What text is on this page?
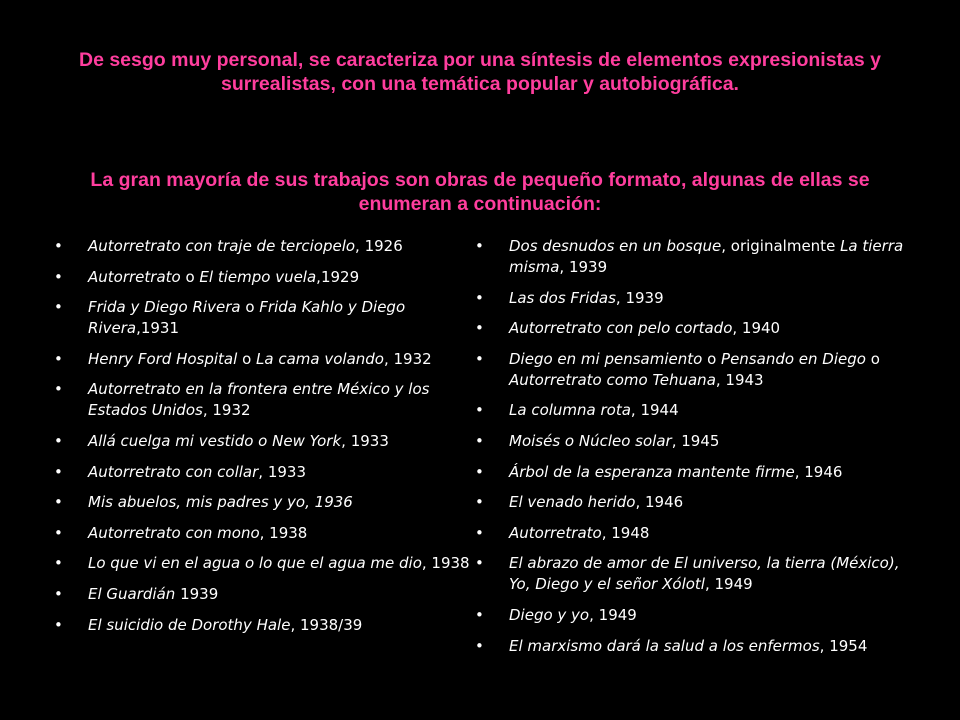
De sesgo muy personal, se caracteriza por una síntesis de elementos expresionistas y surrealistas, con una temática popular y autobiográfica.
La gran mayoría de sus trabajos son obras de pequeño formato, algunas de ellas se enumeran a continuación:
•	Autorretrato con traje de terciopelo, 1926
•	Autorretrato o El tiempo vuela,1929
•	Frida y Diego Rivera o Frida Kahlo y Diego Rivera,1931
•	Henry Ford Hospital o La cama volando, 1932
•	Autorretrato en la frontera entre México y los Estados Unidos, 1932
•	Allá cuelga mi vestido o New York, 1933
•	Autorretrato con collar, 1933
•	Mis abuelos, mis padres y yo, 1936
•	Autorretrato con mono, 1938
•	Lo que vi en el agua o lo que el agua me dio, 1938
•	El Guardián 1939
•	El suicidio de Dorothy Hale, 1938/39
•	Dos desnudos en un bosque, originalmente La tierra misma, 1939
•	Las dos Fridas, 1939
•	Autorretrato con pelo cortado, 1940
•	Diego en mi pensamiento o Pensando en Diego o Autorretrato como Tehuana, 1943
•	La columna rota, 1944
•	Moisés o Núcleo solar, 1945
•	Árbol de la esperanza mantente firme, 1946
•	El venado herido, 1946
•	Autorretrato, 1948
•	El abrazo de amor de El universo, la tierra (México), Yo, Diego y el señor Xólotl, 1949
•	Diego y yo, 1949
•	El marxismo dará la salud a los enfermos, 1954
